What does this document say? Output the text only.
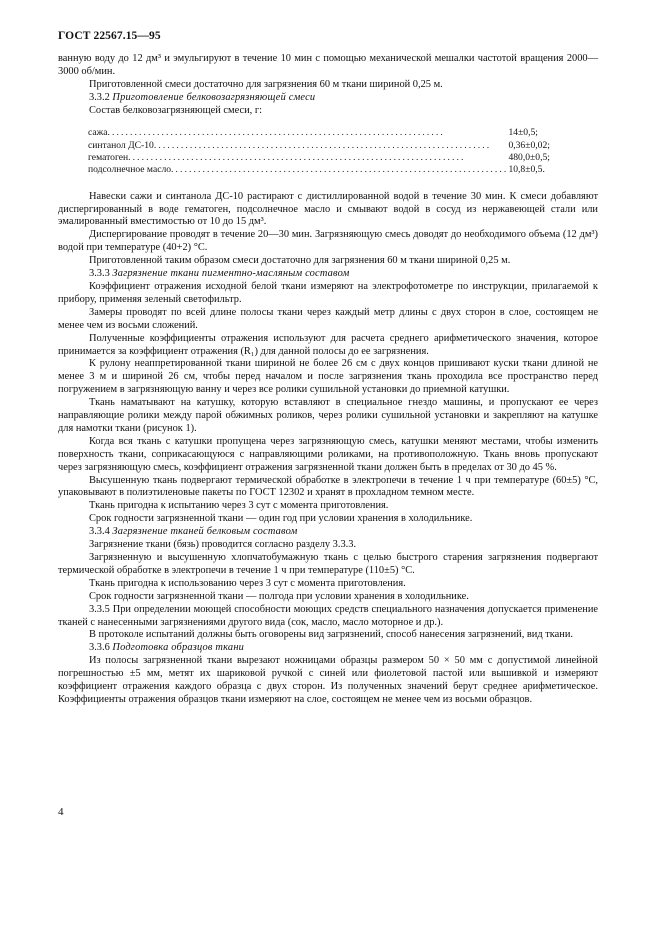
ГОСТ 22567.15—95

ванную воду до 12 дм³ и эмульгируют в течение 10 мин с помощью механической мешалки частотой вращения 2000—3000 об/мин.

Приготовленной смеси достаточно для загрязнения 60 м ткани шириной 0,25 м.

3.3.2 Приготовление белковозагрязняющей смеси

Состав белковозагрязняющей смеси, г:

сажа...........................................................................	14±0,5;
синтанол ДС-10...........................................................................	0,36±0,02;
гематоген...........................................................................	480,0±0,5;
подсолнечное масло...........................................................................	10,8±0,5.

Навески сажи и синтанола ДС-10 растирают с дистиллированной водой в течение 30 мин. К смеси добавляют диспергированный в воде гематоген, подсолнечное масло и смывают водой в сосуд из нержавеющей стали или эмалированный вместимостью от 10 до 15 дм³.

Диспергирование проводят в течение 20—30 мин. Загрязняющую смесь доводят до необходимого объема (12 дм³) водой при температуре (40+2) °С.

Приготовленной таким образом смеси достаточно для загрязнения 60 м ткани шириной 0,25 м.

3.3.3 Загрязнение ткани пигментно-масляным составом

Коэффициент отражения исходной белой ткани измеряют на электрофотометре по инструкции, прилагаемой к прибору, применяя зеленый светофильтр.

Замеры проводят по всей длине полосы ткани через каждый метр длины с двух сторон в слое, состоящем не менее чем из восьми сложений.

Полученные коэффициенты отражения используют для расчета среднего арифметического значения, которое принимается за коэффициент отражения (R₁) для данной полосы до ее загрязнения.

К рулону неаппретированной ткани шириной не более 26 см с двух концов пришивают куски ткани длиной не менее 3 м и шириной 26 см, чтобы перед началом и после загрязнения ткань проходила все пространство перед погружением в загрязняющую ванну и через все ролики сушильной установки до приемной катушки.

Ткань наматывают на катушку, которую вставляют в специальное гнездо машины, и пропускают ее через направляющие ролики между парой обжимных роликов, через ролики сушильной установки и закрепляют на катушке для намотки ткани (рисунок 1).

Когда вся ткань с катушки пропущена через загрязняющую смесь, катушки меняют местами, чтобы изменить поверхность ткани, соприкасающуюся с направляющими роликами, на противоположную. Ткань вновь пропускают через загрязняющую смесь, коэффициент отражения загрязненной ткани должен быть в пределах от 30 до 45 %.

Высушенную ткань подвергают термической обработке в электропечи в течение 1 ч при температуре (60±5) °С, упаковывают в полиэтиленовые пакеты по ГОСТ 12302 и хранят в прохладном темном месте.

Ткань пригодна к испытанию через 3 сут с момента приготовления.

Срок годности загрязненной ткани — один год при условии хранения в холодильнике.

3.3.4 Загрязнение тканей белковым составом

Загрязнение ткани (бязь) проводится согласно разделу 3.3.3.

Загрязненную и высушенную хлопчатобумажную ткань с целью быстрого старения загрязнения подвергают термической обработке в электропечи в течение 1 ч при температуре (110±5) °С.

Ткань пригодна к использованию через 3 сут с момента приготовления.

Срок годности загрязненной ткани — полгода при условии хранения в холодильнике.

3.3.5 При определении моющей способности моющих средств специального назначения допускается применение тканей с нанесенными загрязнениями другого вида (сок, масло, масло моторное и др.).

В протоколе испытаний должны быть оговорены вид загрязнений, способ нанесения загрязнений, вид ткани.

3.3.6 Подготовка образцов ткани

Из полосы загрязненной ткани вырезают ножницами образцы размером 50 × 50 мм с допустимой линейной погрешностью ±5 мм, метят их шариковой ручкой с синей или фиолетовой пастой или вышивкой и измеряют коэффициент отражения каждого образца с двух сторон. Из полученных значений берут среднее арифметическое. Коэффициенты отражения образцов ткани измеряют на слое, состоящем не менее чем из восьми образцов.

4
